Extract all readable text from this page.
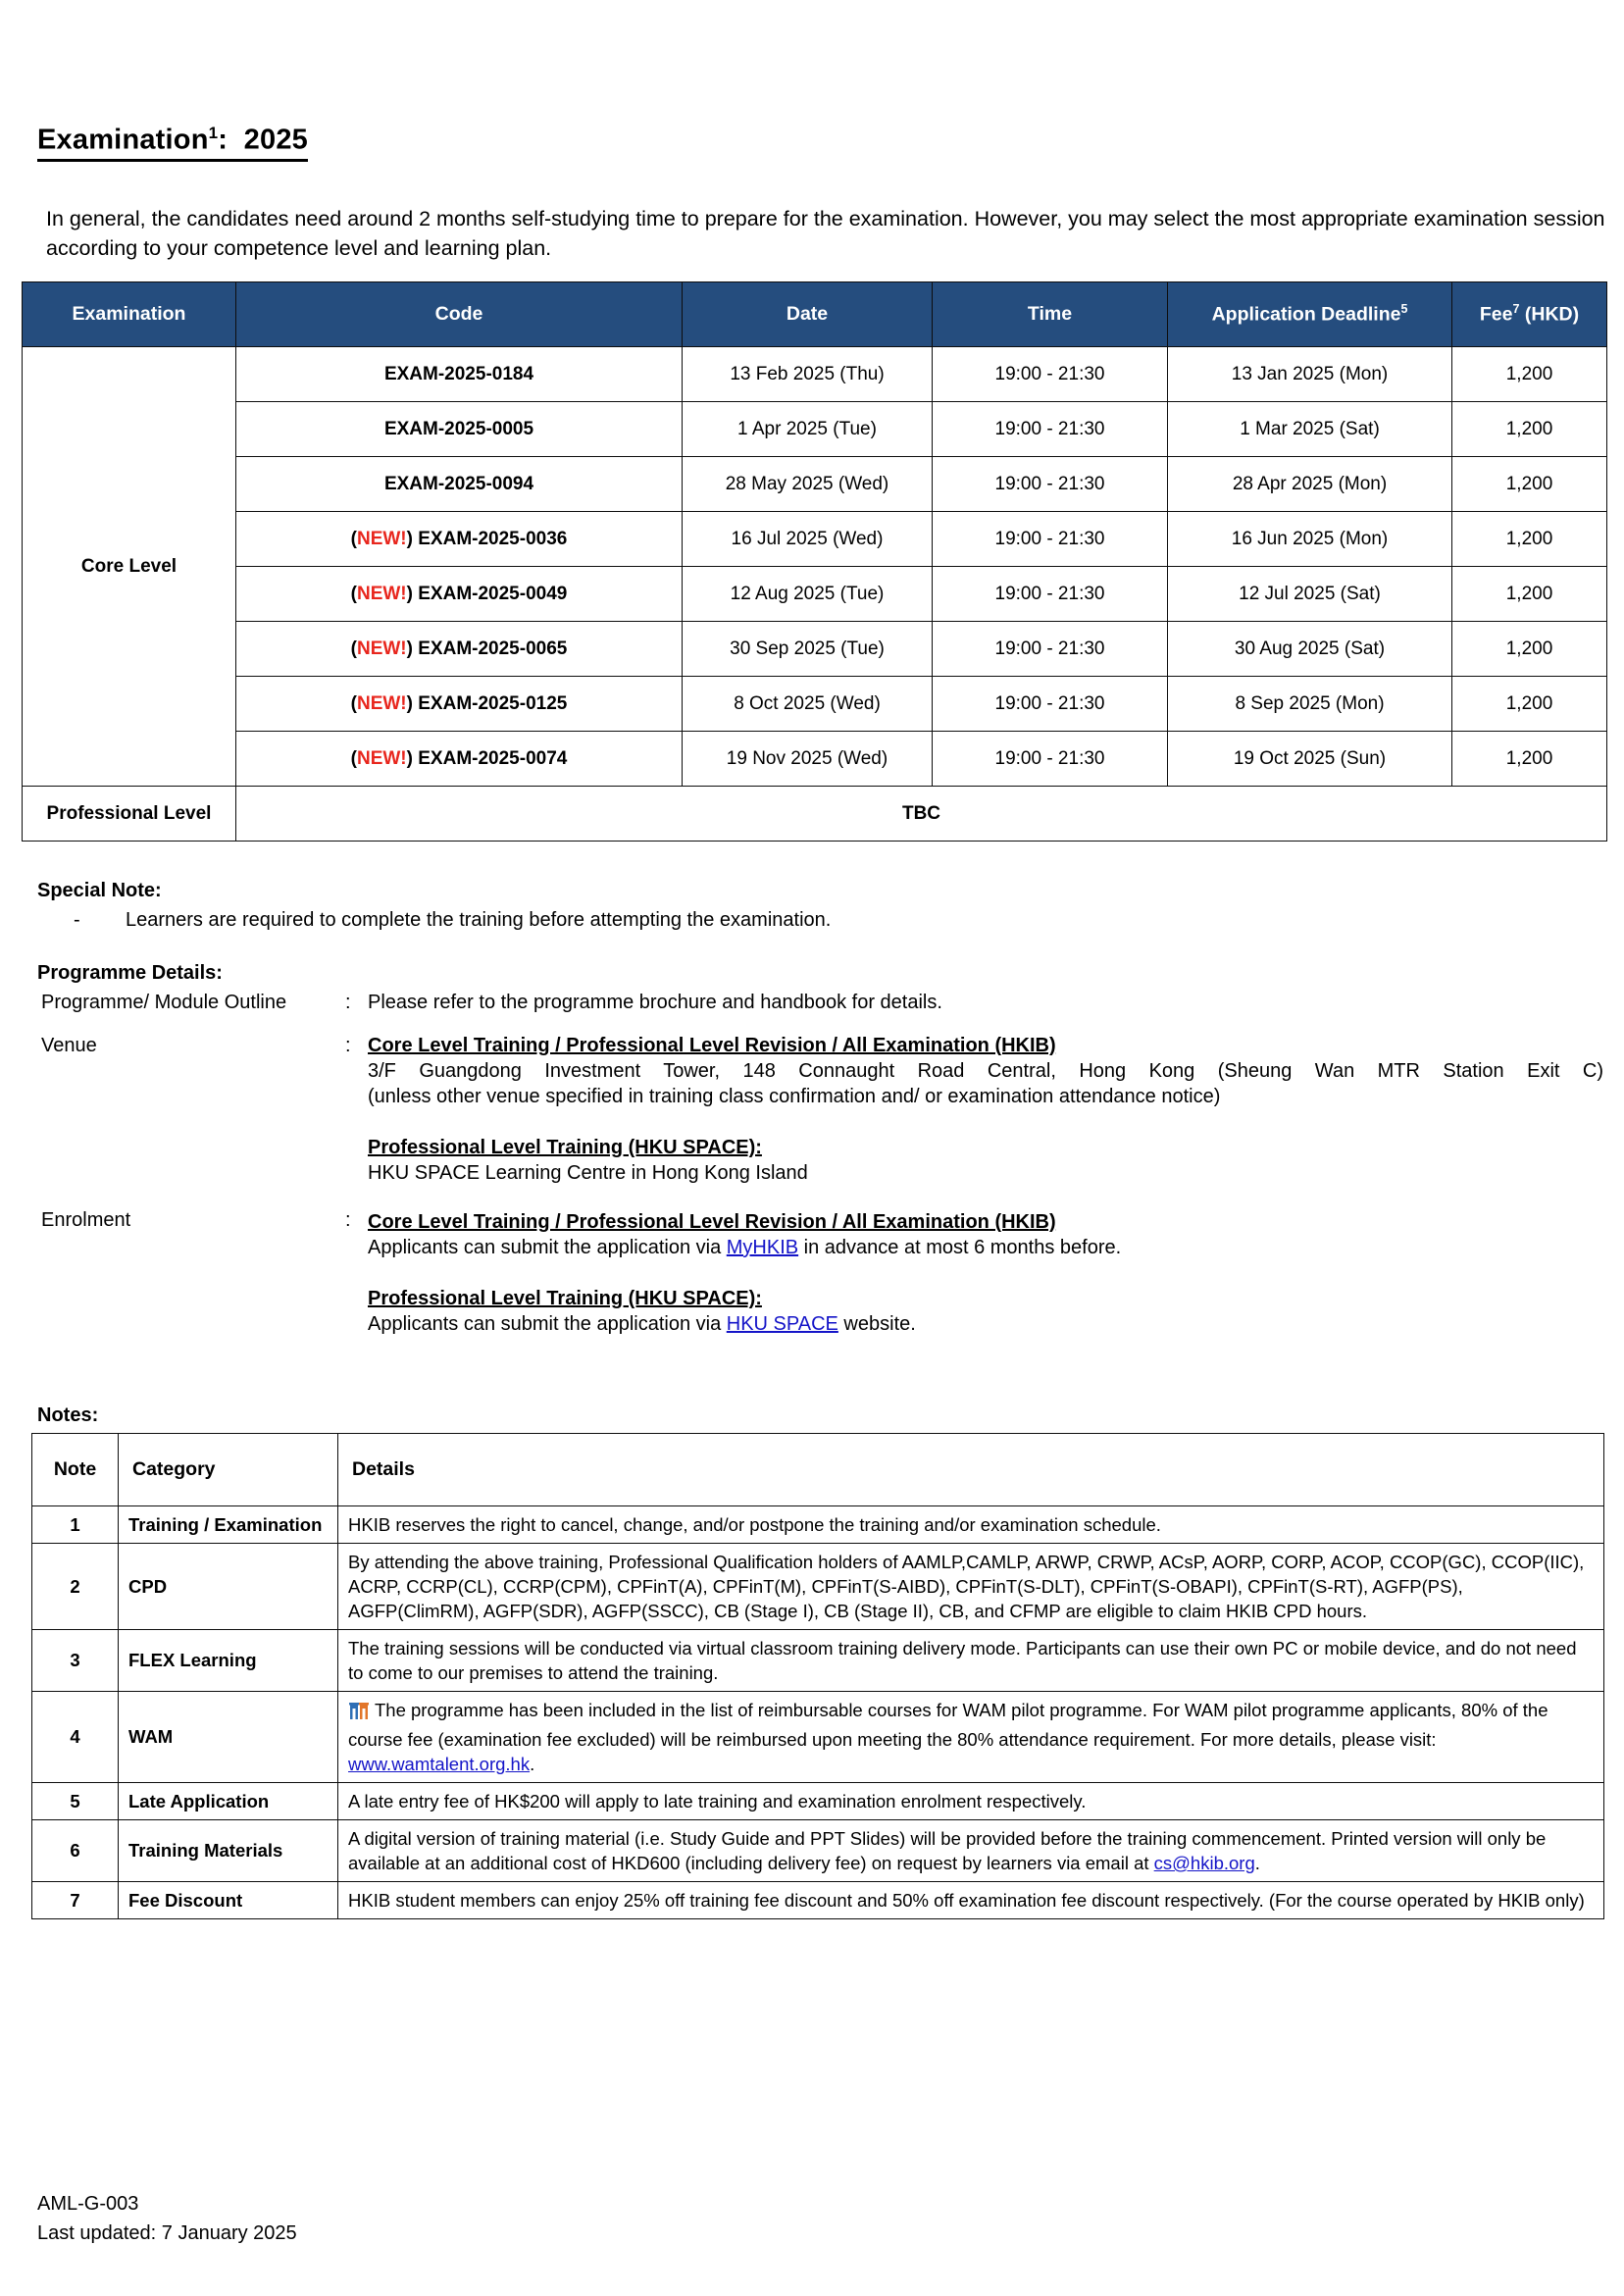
Examination$^1$:  2025
In general, the candidates need around 2 months self-studying time to prepare for the examination. However, you may select the most appropriate examination session according to your competence level and learning plan.
Examination	Code	Date	Time	Application Deadline$^5$	Fee$^7$ (HKD)
Core Level	EXAM-2025-0184	13 Feb 2025 (Thu)	19:00 - 21:30	13 Jan 2025 (Mon)	1,200
	EXAM-2025-0005	1 Apr 2025 (Tue)	19:00 - 21:30	1 Mar 2025 (Sat)	1,200
	EXAM-2025-0094	28 May 2025 (Wed)	19:00 - 21:30	28 Apr 2025 (Mon)	1,200
	(NEW!) EXAM-2025-0036	16 Jul 2025 (Wed)	19:00 - 21:30	16 Jun 2025 (Mon)	1,200
	(NEW!) EXAM-2025-0049	12 Aug 2025 (Tue)	19:00 - 21:30	12 Jul 2025 (Sat)	1,200
	(NEW!) EXAM-2025-0065	30 Sep 2025 (Tue)	19:00 - 21:30	30 Aug 2025 (Sat)	1,200
	(NEW!) EXAM-2025-0125	8 Oct 2025 (Wed)	19:00 - 21:30	8 Sep 2025 (Mon)	1,200
	(NEW!) EXAM-2025-0074	19 Nov 2025 (Wed)	19:00 - 21:30	19 Oct 2025 (Sun)	1,200
Professional Level	TBC				
Special Note:
- Learners are required to complete the training before attempting the examination.
Programme Details:
Programme/ Module Outline	: Please refer to the programme brochure and handbook for details.
Venue	: Core Level Training / Professional Level Revision / All Examination (HKIB)
3/F Guangdong Investment Tower, 148 Connaught Road Central, Hong Kong (Sheung Wan MTR Station Exit C)
(unless other venue specified in training class confirmation and/ or examination attendance notice)
Professional Level Training (HKU SPACE):
HKU SPACE Learning Centre in Hong Kong Island
Enrolment	: Core Level Training / Professional Level Revision / All Examination (HKIB)
Applicants can submit the application via MyHKIB in advance at most 6 months before.
Professional Level Training (HKU SPACE):
Applicants can submit the application via HKU SPACE website.
Notes:
Note	Category	Details
1	Training / Examination	HKIB reserves the right to cancel, change, and/or postpone the training and/or examination schedule.
2	CPD	By attending the above training, Professional Qualification holders of AAMLP,CAMLP, ARWP, CRWP, ACsP, AORP, CORP, ACOP, CCOP(GC), CCOP(IIC), ACRP, CCRP(CL), CCRP(CPM), CPFinT(A), CPFinT(M), CPFinT(S-AIBD), CPFinT(S-DLT), CPFinT(S-OBAPI), CPFinT(S-RT), AGFP(PS), AGFP(ClimRM), AGFP(SDR), AGFP(SSCC), CB (Stage I), CB (Stage II), CB, and CFMP are eligible to claim HKIB CPD hours.
3	FLEX Learning	The training sessions will be conducted via virtual classroom training delivery mode. Participants can use their own PC or mobile device, and do not need to come to our premises to attend the training.
4	WAM	The programme has been included in the list of reimbursable courses for WAM pilot programme. For WAM pilot programme applicants, 80% of the course fee (examination fee excluded) will be reimbursed upon meeting the 80% attendance requirement. For more details, please visit: www.wamtalent.org.hk.
5	Late Application	A late entry fee of HK$200 will apply to late training and examination enrolment respectively.
6	Training Materials	A digital version of training material (i.e. Study Guide and PPT Slides) will be provided before the training commencement. Printed version will only be available at an additional cost of HKD600 (including delivery fee) on request by learners via email at cs@hkib.org.
7	Fee Discount	HKIB student members can enjoy 25% off training fee discount and 50% off examination fee discount respectively. (For the course operated by HKIB only)
AML-G-003
Last updated: 7 January 2025
